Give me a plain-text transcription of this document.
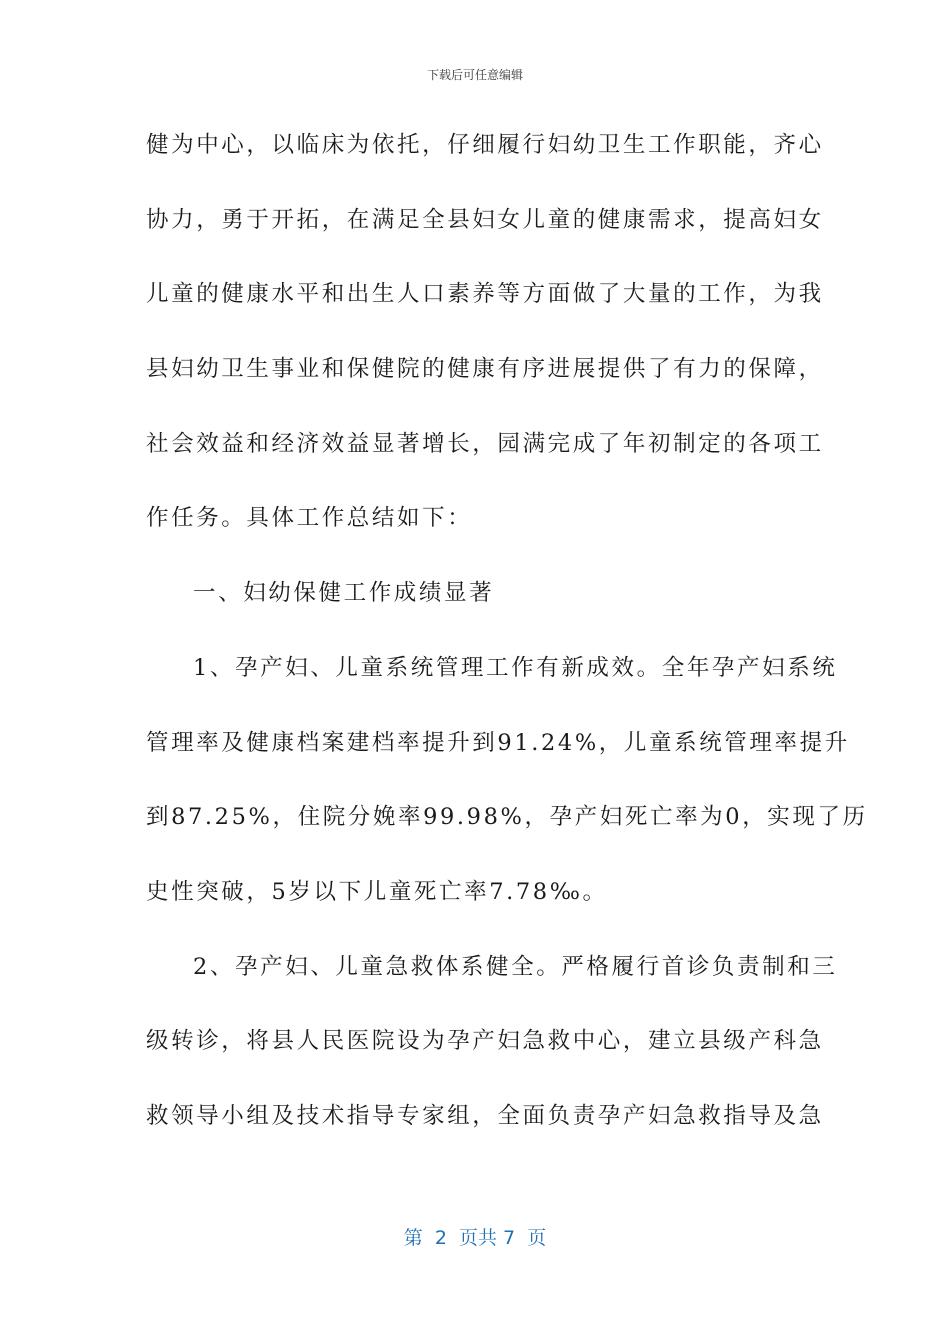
下载后可任意编辑
健为中心，以临床为依托，仔细履行妇幼卫生工作职能，齐心
协力，勇于开拓，在满足全县妇女儿童的健康需求，提高妇女
儿童的健康水平和出生人口素养等方面做了大量的工作，为我
县妇幼卫生事业和保健院的健康有序进展提供了有力的保障，
社会效益和经济效益显著增长，园满完成了年初制定的各项工
作任务。具体工作总结如下：
一、妇幼保健工作成绩显著
1、孕产妇、儿童系统管理工作有新成效。全年孕产妇系统
管理率及健康档案建档率提升到91.24%，儿童系统管理率提升
到87.25%，住院分娩率99.98%，孕产妇死亡率为0，实现了历
史性突破，5岁以下儿童死亡率7.78‰。
2、孕产妇、儿童急救体系健全。严格履行首诊负责制和三
级转诊，将县人民医院设为孕产妇急救中心，建立县级产科急
救领导小组及技术指导专家组，全面负责孕产妇急救指导及急
第  2  页共 7  页
